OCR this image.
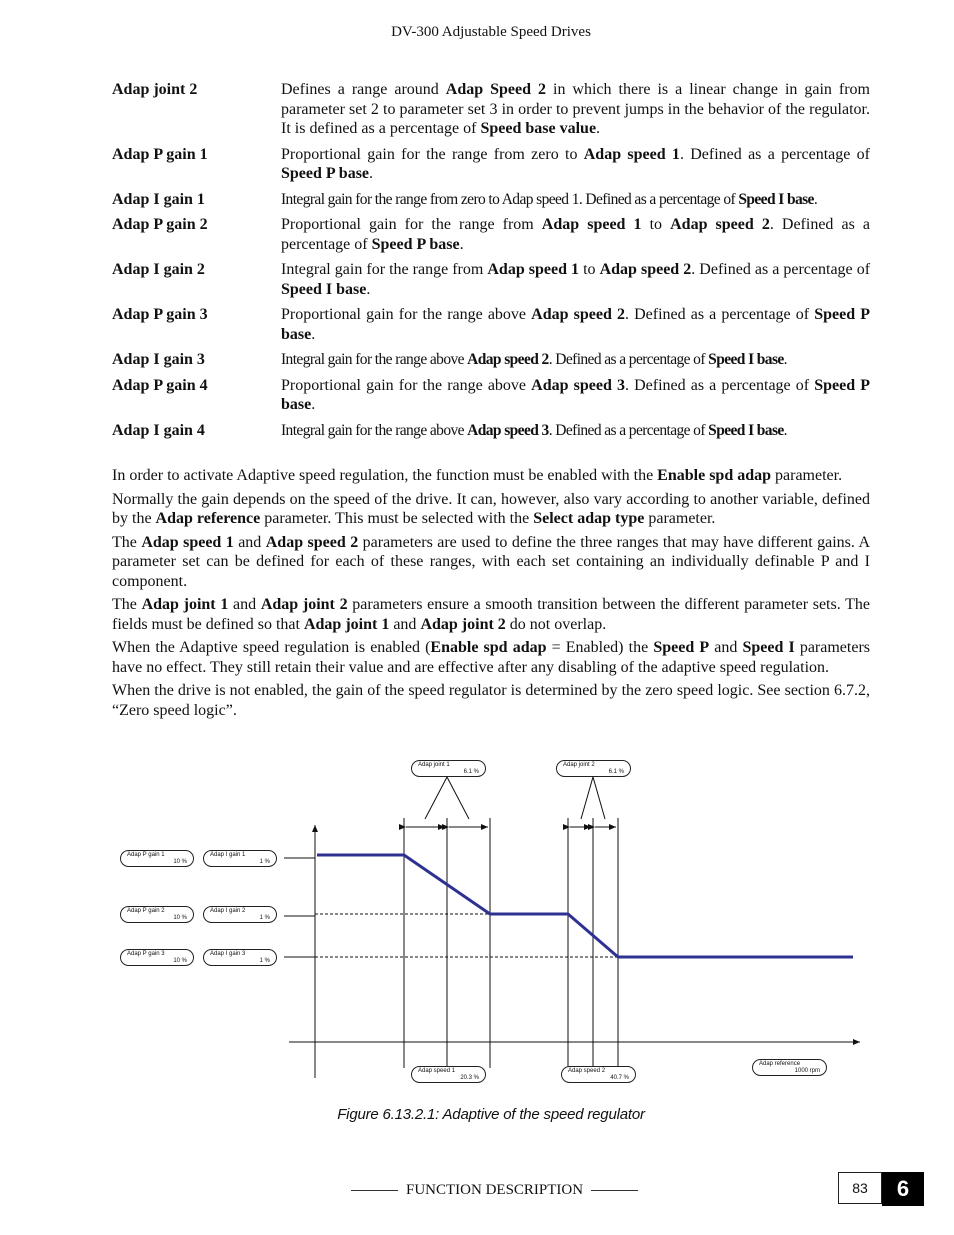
DV-300 Adjustable Speed Drives
Adap joint 2	Defines a range around Adap Speed 2 in which there is a linear change in gain from parameter set 2 to parameter set 3 in order to prevent jumps in the behavior of the regulator. It is defined as a percentage of Speed base value.
Adap P gain 1	Proportional gain for the range from zero to Adap speed 1. Defined as a percentage of Speed P base.
Adap I gain 1	Integral gain for the range from zero to Adap speed 1. Defined as a percentage of Speed I base.
Adap P gain 2	Proportional gain for the range from Adap speed 1 to Adap speed 2. Defined as a percentage of Speed P base.
Adap I gain 2	Integral gain for the range from Adap speed 1 to Adap speed 2. Defined as a percentage of Speed I base.
Adap P gain 3	Proportional gain for the range above Adap speed 2. Defined as a percentage of Speed P base.
Adap I gain 3	Integral gain for the range above Adap speed 2. Defined as a percentage of Speed I base.
Adap P gain 4	Proportional gain for the range above Adap speed 3. Defined as a percentage of Speed P base.
Adap I gain 4	Integral gain for the range above Adap speed 3. Defined as a percentage of Speed I base.

In order to activate Adaptive speed regulation, the function must be enabled with the Enable spd adap parameter.

Normally the gain depends on the speed of the drive. It can, however, also vary according to another variable, defined by the Adap reference parameter. This must be selected with the Select adap type parameter.

The Adap speed 1 and Adap speed 2 parameters are used to define the three ranges that may have different gains. A parameter set can be defined for each of these ranges, with each set containing an individually definable P and I component.

The Adap joint 1 and Adap joint 2 parameters ensure a smooth transition between the different parameter sets. The fields must be defined so that Adap joint 1 and Adap joint 2 do not overlap.

When the Adaptive speed regulation is enabled (Enable spd adap = Enabled) the Speed P and Speed I parameters have no effect. They still retain their value and are effective after any disabling of the adaptive speed regulation.

When the drive is not enabled, the gain of the speed regulator is determined by the zero speed logic. See section 6.7.2, “Zero speed logic”.

Adap joint 1
6.1 %
Adap joint 2
6.1 %
Adap P gain 1
10 %
Adap I gain 1
1 %
Adap P gain 2
10 %
Adap I gain 2
1 %
Adap P gain 3
10 %
Adap I gain 3
1 %
Adap speed 1
20.3 %
Adap speed 2
40.7 %
Adap reference
1000 rpm
Figure 6.13.2.1: Adaptive of the speed regulator
FUNCTION DESCRIPTION	83	6
